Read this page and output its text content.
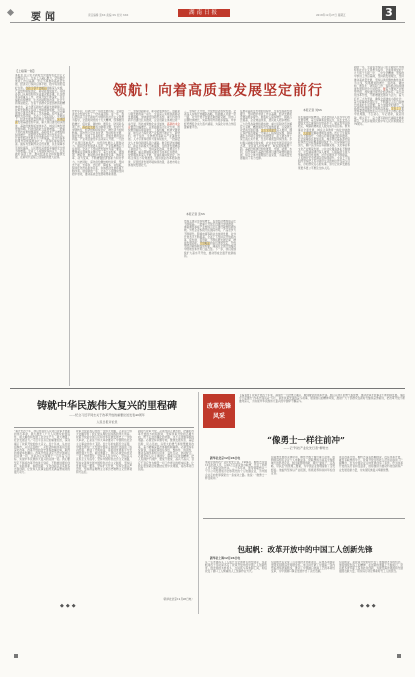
要闻	责任编辑 张XX 美编 XX 校对 XXX	湖南日报	2018年12月27日 星期五	3
领航！向着高质量发展坚定前行
【上接第一版】
本报讯 在习近平新时代中国特色社会主义思想指引下，全省上下凝心聚力，坚持稳中求进工作总基调，坚定不移推动高质量发展，经济运行保持总体平稳、稳中有进的良好态势。创新引领开放崛起战略深入实施，产业结构持续优化，新动能加快成长。各地各部门认真贯彻落实省委决策部署，扎实推进各项重点工作，改革开放不断深化，民生福祉持续增进，生态环境明显改善，社会大局和谐稳定。全省干部群众以更加昂扬的精神状态，奋力谱写新时代湖南发展新篇章。改革发展稳定各项工作取得新成效，为全面建成小康社会奠定了坚实基础。面对复杂严峻的外部环境，全省上下坚定信心、迎难而上，经济发展质量和效益不断提升。实体经济发展基础更加牢固，重大项目建设稳步推进，基础设施短板加快补齐，城乡区域发展更加协调。科技创新能力显著增强，一批重大科技成果相继涌现，高新技术产业增加值持续增长，创新型省份建设迈出坚实步伐。开放型经济发展水平不断提高，对外贸易和利用外资规模稳步扩大，营商环境持续改善。脱贫攻坚取得决定性进展，民生保障水平持续提高，人民群众获得感幸福感安全感不断增强。全省上下将继续保持定力，扎实做好各项工作，推动经济社会持续健康发展，在新时代征程上创造新的更大业绩。
岁末年初，回望过去一年的发展历程，全省经济社会发展交出了一份亮丽答卷。这一年，我们坚持以习近平新时代中国特色社会主义思想为指导，全面贯彻党的十九大精神，统筹推进稳增长、促改革、调结构、惠民生、防风险各项工作。高质量发展成为鲜明主题，发展方式加快转变，经济结构持续优化，增长动力加快转换。各市州立足自身优势，坚持特色发展、错位发展，形成了各具特色、竞相发展的良好局面。产业项目建设年活动深入开展，一大批产业项目落地投产，为经济发展注入强劲动力。园区经济发展势头良好，产业集聚效应日益显现。全省上下坚持把发展作为第一要务，聚焦重点领域和关键环节，着力补短板、强弱项、增后劲，推动经济发展质量变革、效率变革、动力变革，不断增强经济创新力和竞争力。与此同时，深化供给侧结构性改革，坚持去产能、去库存、去杠杆、降成本、补短板，持续优化市场供求关系，实体经济发展环境不断改善。展望新的一年，全省上下将继续坚持稳中求进，推动高质量发展取得新进展。
一、坚持创新驱动，新动能加快成长。创新是引领发展的第一动力，全省深入实施创新驱动发展战略，加快建设创新型省份。重大科技创新平台建设扎实推进，企业创新主体地位进一步凸显，科技成果转化步伐加快，高新技术企业数量大幅增长。以智能制造为主攻方向，加快推进制造强省建设，工程机械、轨道交通装备、航空动力等优势产业集群不断壮大，新材料、电子信息、生物医药等新兴产业蓬勃发展。人才引进和培养力度持续加大，一批高层次人才和创新团队落户湖南。数字经济加速崛起，新业态新模式不断涌现，为经济发展增添了新的活力。二、坚持深化改革，发展活力不断增强。重点领域和关键环节改革扎实推进，放管服改革深入开展，营商环境持续优化，市场主体活力有效激发。国资国企改革稳步推进，民营经济发展环境持续改善，各类市场主体加快发展壮大。
三、坚持扩大开放，开放型经济加快发展。全省深入实施开放崛起战略，积极融入共建一带一路，对外开放平台建设取得新突破，进出口总额较快增长，实际利用外资稳步提高。中非经贸博览会永久落户湖南，为深化对非合作搭建重要平台。
本报记者 张XX
市场主体总量持续增长，民营经济增加值占比不断提高。一批重大开放平台建设加快推进，湘南湘西承接产业转移示范区建设取得积极成效。外贸企业积极开拓国际市场，产品竞争力不断提升。跨境电商等新业态快速发展，对外开放水平不断提高。全省上下坚持以开放促改革、促发展、促创新，不断拓展发展空间，增强发展动能。开放崛起的步伐更加坚定，开放型经济新体制加快构建，湖南在全国开放格局中的地位和作用日益凸显。下一步，我们将继续扩大高水平开放，推动形成全面开放新格局。
在推动高质量发展的进程中，全省坚持新发展理念，坚持稳中求进工作总基调，经济发展质量效益稳步提升。财政收入保持增长，税收占比提高，企业效益改善，居民收入稳步增加。三大攻坚战取得积极成效，重大风险防范化解有力有效，精准脱贫攻坚成效显著，污染防治攻坚战全面打响。生态文明建设深入推进，湘江保护和治理第一号重点工程持续实施，洞庭湖生态环境专项整治成效明显，蓝天碧水净土保卫战扎实开展，生态环境质量持续改善。乡村振兴战略全面实施，农业农村发展呈现良好态势，农民收入较快增长，城乡面貌焕然一新。基础设施建设加快推进，交通、能源、水利、信息等重大基础设施项目建设取得积极进展，综合立体交通网络日益完善，为高质量发展提供了有力支撑。
本报记者 刘XX
民生福祉持续增进。全省坚持以人民为中心的发展思想，着力保障和改善民生，民生支出占财政支出比重保持在较高水平。就业形势总体稳定，城镇新增就业人数完成年度目标。教育事业全面发展，城乡义务教育一体化加快推进，大班额化解取得明显成效。医疗卫生服务能力不断提升，分级诊疗制度建设稳步推进。社会保障体系更加完善，城乡居民基本养老保险和医疗保险覆盖面持续扩大。住房保障力度加大，棚户区改造任务超额完成。文化事业和文化产业繁荣发展，公共文化服务体系不断健全。平安湖南建设深入推进，扫黑除恶专项斗争取得阶段性成效，社会治理水平不断提高，人民群众安全感满意度持续提升。全省上下将始终坚持把人民对美好生活的向往作为奋斗目标，办好群众关心的实事，努力让改革发展成果更多更公平惠及全体人民。
新的一年，全省将坚持以习近平新时代中国特色社会主义思想为指导，全面贯彻党的十九大和十九届二中、三中全会精神，坚持稳中求进工作总基调，坚持新发展理念，坚持推动高质量发展，坚持以供给侧结构性改革为主线，统筹推进稳增长、促改革、调结构、惠民生、防风险工作，保持经济持续健康发展和社会大局稳定。要着力推进产业转型升级，加快建设现代化经济体系；着力深化改革开放，不断增强发展动力活力；着力打好三大攻坚战，确保全面建成小康社会；着力保障和改善民生，不断满足人民日益增长的美好生活需要；着力加强党的建设，为高质量发展提供坚强政治保证。全省上下要更加紧密地团结在以习近平同志为核心的党中央周围，不忘初心、牢记使命，锐意进取、埋头苦干，奋力谱写新时代湖南发展新篇章，以优异成绩庆祝中华人民共和国成立70周年。
铸就中华民族伟大复兴的里程碑
——纪念习近平同志关于改革开放的重要论述发表40周年
人民日报评论员
“看过去四十年，我们党领导人民进行改革开放新的伟大革命，极大激发了广大人民群众的创造性，极大解放和发展了社会生产力，极大增强了社会发展活力。”习近平总书记的重要论述，深刻揭示了改革开放的伟大意义。四十年来，从农村到城市，从试点到推广，从经济体制改革到全面深化改革，改革开放的历史进程波澜壮阔，取得的成就举世瞩目。改革开放是决定当代中国命运的关键一招，也是决定实现两个一百年奋斗目标、实现中华民族伟大复兴的关键一招。我们要坚定不移将改革开放进行到底，不断推进理论创新、实践创新、制度创新、文化创新以及其他各方面创新，让党和人民事业始终充满奋勇前进的强大动力。
改革开放是我们党的一次伟大觉醒，正是这个伟大觉醒孕育了我们党从理论到实践的伟大创造。改革开放是中国人民和中华民族发展史上一次伟大革命，正是这个伟大革命推动了中国特色社会主义事业的伟大飞跃。四十年的实践充分证明，中国发展为广大发展中国家走向现代化提供了成功经验、展现了光明前景，是促进世界和平与发展的强大力量。前进道路上，我们必须坚持党对一切工作的领导，坚持以人民为中心，坚持以马克思主义为指导，坚持中国特色社会主义道路，坚持完善和发展中国特色社会主义制度，坚持以发展为第一要务，坚持扩大开放，坚持全面从严治党，坚持辩证唯物主义和历史唯物主义世界观和方法论。
新时代改革开放，必须坚持正确方向，把握好改革开放的方向和原则，坚持改革开放的正确方向，既不走封闭僵化的老路，也不走改旗易帜的邪路。必须坚持问题导向，聚焦发展所需、基层所盼、民心所向，以更大的勇气和智慧推进改革，着力破解深层次体制机制障碍。必须坚持系统谋划，注重改革的系统性、整体性、协同性，推动各项改革相互促进、良性互动、协同配合。必须坚持人民主体地位，尊重人民首创精神，把人民拥护不拥护、赞成不赞成、高兴不高兴、答应不答应作为衡量一切工作得失的根本标准。让我们更加紧密地团结在党中央周围，将改革进行到底。
（新华社北京12月26日电）
改革先锋
风采
【编者按】改革开放四十年来，涌现出一大批勇立潮头、敢闯敢试的改革先锋。他们以非凡的勇气和智慧，推动改革开放事业不断向前发展。本报今日起推出“改革先锋风采”专栏，讲述改革先锋的奋斗故事，展现他们的精神风貌，激励广大干部群众在新时代继续奋勇前进，把改革开放不断推向深入，为实现中华民族伟大复兴的中国梦不懈奋斗。
“像勇士一样往前冲”
——记“科技产业化先行者”柳传志
新华社北京12月26日电
他是中国科技产业化的先行者。1984年，柳传志带领10名科技人员，以20万元起家创办联想，开启了科研人员下海创业的先河。三十多年来，他带领联想从一个小公司发展成为全球领先的个人电脑企业，为中国企业走向世界探索出一条成功之路。他说：“像勇士一样往前冲。”
在联想发展的关键时刻，柳传志敢于做出重大决策，收购国际知名企业个人电脑业务，使联想成为具有全球影响力的科技企业。他注重管理创新，提出“建班子、定战略、带队伍”的管理三要素，为中国企业管理提供了宝贵经验。他始终坚持以产业报国，积极培养和扶持年轻创业者。
谈及改革开放，柳传志深有感触地说，没有改革开放，就没有联想的今天。改革开放为科技人员创业提供了广阔舞台，也为中国企业走向世界创造了条件。作为改革开放的亲历者和受益者，他将继续为推动科技创新和产业发展贡献力量，为实现民族复兴奉献智慧。
包起帆：改革开放中的中国工人创新先锋
新华社上海12月26日电
从一名普通码头工人成长为全国著名的发明家，包起帆用四十年时间书写了改革开放中的中国工人创新传奇。他发明的木材抓斗、生铁抓斗等装卸工具，彻底改变了港口工人繁重的人工装卸作业方式。
包起帆先后完成了百余项技术创新项目，获得多项国家发明奖和国际发明展金奖。他主持开辟了中国第一条内贸标准集装箱航线，推动了中国港口装卸工艺的革命性变革，为中国港口事业发展作出了突出贡献。
包起帆说，是改革开放的时代给了他施展才华的机会。他将继续发扬工匠精神，在创新的道路上不断前行，带动更多青年职工投身技术创新，为建设海洋强国和交通强国贡献力量，用实际行动诠释新时代工人的担当。
◆◆◆	◆◆◆
